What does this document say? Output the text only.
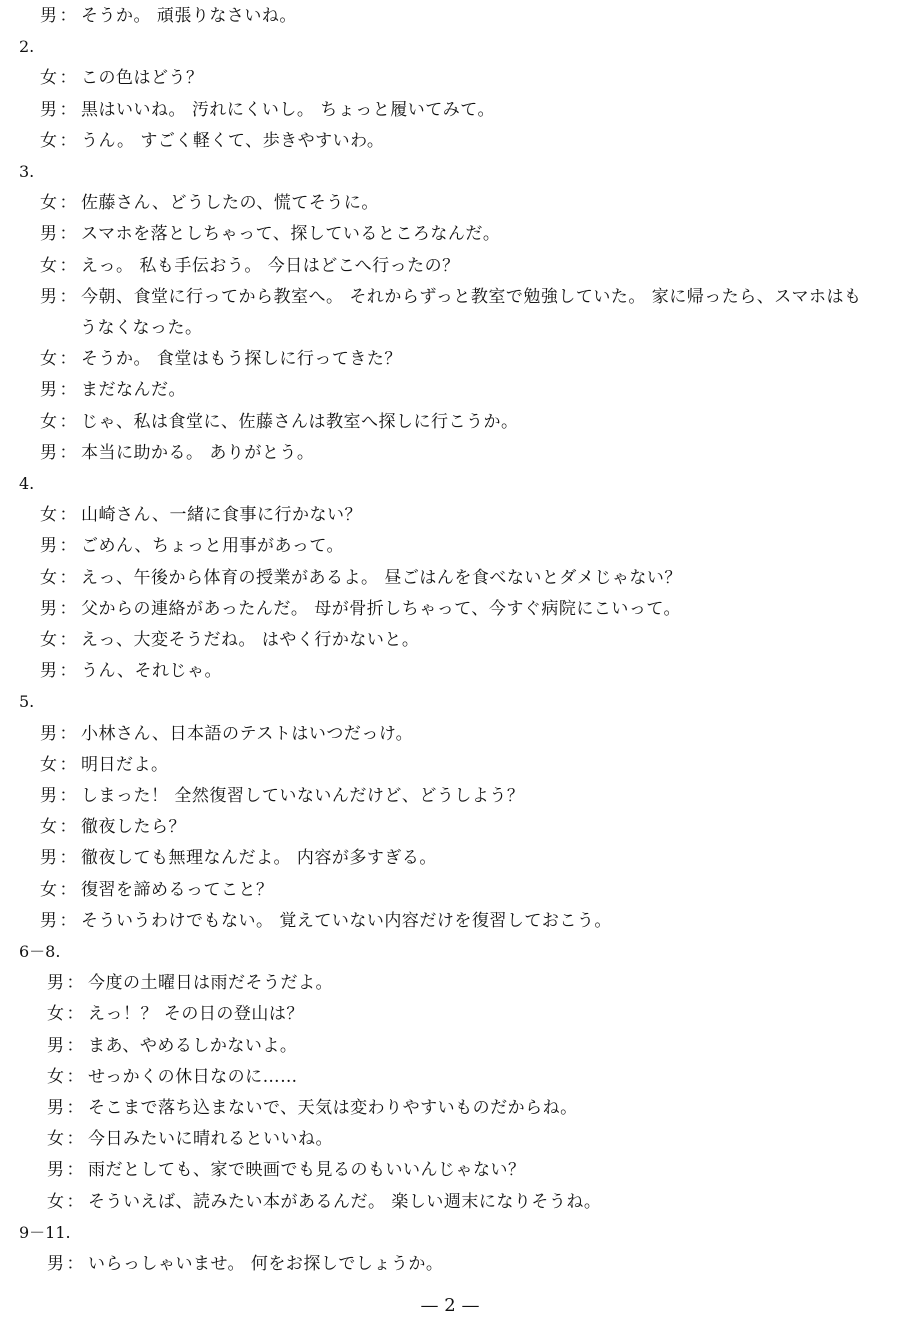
男 ： そうか。 頑張りなさいね。
2.
女 ： この色はどう？
男 ： 黒はいいね。 汚れにくいし。 ちょっと履いてみて。
女 ： うん。 すごく軽くて、歩きやすいわ。
3.
女 ： 佐藤さん、どうしたの、慌てそうに。
男 ： スマホを落としちゃって、探しているところなんだ。
女 ： えっ。 私も手伝おう。 今日はどこへ行ったの？
男 ： 今朝、食堂に行ってから教室へ。 それからずっと教室で勉強していた。 家に帰ったら、スマホはも
うなくなった。
女 ： そうか。 食堂はもう探しに行ってきた？
男 ： まだなんだ。
女 ： じゃ、私は食堂に、佐藤さんは教室へ探しに行こうか。
男 ： 本当に助かる。 ありがとう。
4.
女 ： 山崎さん、一緒に食事に行かない？
男 ： ごめん、ちょっと用事があって。
女 ： えっ、午後から体育の授業があるよ。 昼ごはんを食べないとダメじゃない？
男 ： 父からの連絡があったんだ。 母が骨折しちゃって、今すぐ病院にこいって。
女 ： えっ、大変そうだね。 はやく行かないと。
男 ： うん、それじゃ。
5.
男 ： 小林さん、日本語のテストはいつだっけ。
女 ： 明日だよ。
男 ： しまった！ 全然復習していないんだけど、どうしよう？
女 ： 徹夜したら？
男 ： 徹夜しても無理なんだよ。 内容が多すぎる。
女 ： 復習を諦めるってこと？
男 ： そういうわけでもない。 覚えていない内容だけを復習しておこう。
6－8.
男 ： 今度の土曜日は雨だそうだよ。
女 ： えっ！？ その日の登山は？
男 ： まあ、やめるしかないよ。
女 ： せっかくの休日なのに……
男 ： そこまで落ち込まないで、天気は変わりやすいものだからね。
女 ： 今日みたいに晴れるといいね。
男 ： 雨だとしても、家で映画でも見るのもいいんじゃない？
女 ： そういえば、読みたい本があるんだ。 楽しい週末になりそうね。
9－11.
男 ： いらっしゃいませ。 何をお探しでしょうか。
— 2 —
